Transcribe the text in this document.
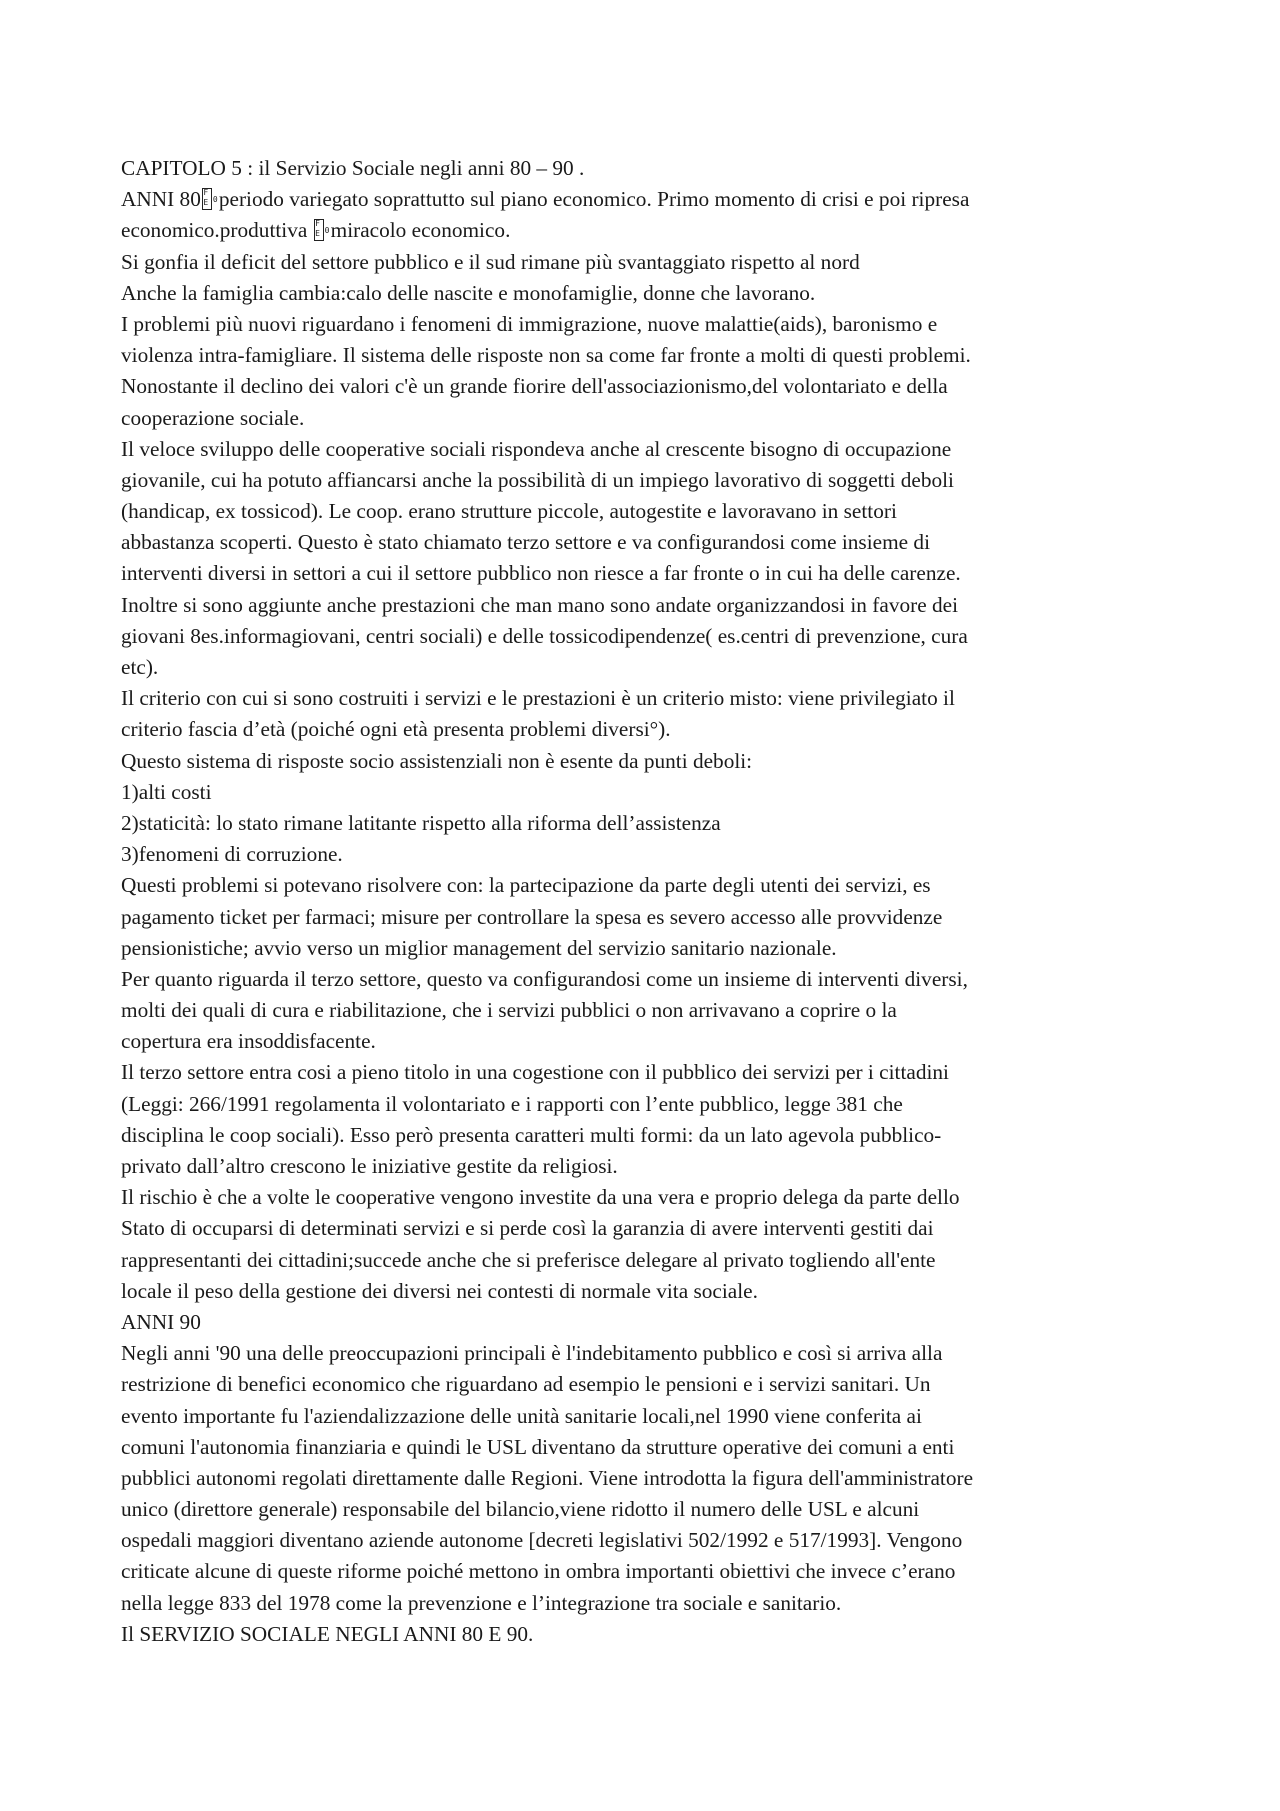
CAPITOLO 5 : il Servizio Sociale negli anni 80 – 90 .
ANNI 80F E 0periodo variegato soprattutto sul piano economico. Primo momento di crisi e poi ripresa
economico.produttiva F E0miracolo economico.
Si gonfia il deficit del settore pubblico e il sud rimane più svantaggiato rispetto al nord
Anche la famiglia cambia:calo delle nascite e monofamiglie, donne che lavorano.
I problemi più nuovi riguardano i fenomeni di immigrazione, nuove malattie(aids), baronismo e
violenza intra-famigliare. Il sistema delle risposte non sa come far fronte a molti di questi problemi.
Nonostante il declino dei valori c'è un grande fiorire dell'associazionismo,del volontariato e della
cooperazione sociale.
Il veloce sviluppo delle cooperative sociali rispondeva anche al crescente bisogno di occupazione
giovanile, cui ha potuto affiancarsi anche la possibilità di un impiego lavorativo di soggetti deboli
(handicap, ex tossicod). Le coop. erano strutture piccole, autogestite e lavoravano in settori
abbastanza scoperti. Questo è stato chiamato terzo settore e va configurandosi come insieme di
interventi diversi in settori a cui il settore pubblico non riesce a far fronte o in cui ha delle carenze.
Inoltre si sono aggiunte anche prestazioni che man mano sono andate organizzandosi in favore dei
giovani 8es.informagiovani, centri sociali) e delle tossicodipendenze( es.centri di prevenzione, cura
etc).
Il criterio con cui si sono costruiti i servizi e le prestazioni è un criterio misto: viene privilegiato il
criterio fascia d’età (poiché ogni età presenta problemi diversi°).
Questo sistema di risposte socio assistenziali non è esente da punti deboli:
1)alti costi
2)staticità: lo stato rimane latitante rispetto alla riforma dell’assistenza
3)fenomeni di corruzione.
Questi problemi si potevano risolvere con: la partecipazione da parte degli utenti dei servizi, es
pagamento ticket per farmaci; misure per controllare la spesa es severo accesso alle provvidenze
pensionistiche; avvio verso un miglior management del servizio sanitario nazionale.
Per quanto riguarda il terzo settore, questo va configurandosi come un insieme di interventi diversi,
molti dei quali di cura e riabilitazione, che i servizi pubblici o non arrivavano a coprire o la
copertura era insoddisfacente.
Il terzo settore entra cosi a pieno titolo in una cogestione con il pubblico dei servizi per i cittadini
(Leggi: 266/1991 regolamenta il volontariato e i rapporti con l’ente pubblico, legge 381 che
disciplina le coop sociali). Esso però presenta caratteri multi formi: da un lato agevola pubblico-
privato dall’altro crescono le iniziative gestite da religiosi.
Il rischio è che a volte le cooperative vengono investite da una vera e proprio delega da parte dello
Stato di occuparsi di determinati servizi e si perde così la garanzia di avere interventi gestiti dai
rappresentanti dei cittadini;succede anche che si preferisce delegare al privato togliendo all'ente
locale il peso della gestione dei diversi nei contesti di normale vita sociale.
ANNI 90
Negli anni '90 una delle preoccupazioni principali è l'indebitamento pubblico e così si arriva alla
restrizione di benefici economico che riguardano ad esempio le pensioni e i servizi sanitari. Un
evento importante fu l'aziendalizzazione delle unità sanitarie locali,nel 1990 viene conferita ai
comuni l'autonomia finanziaria e quindi le USL diventano da strutture operative dei comuni a enti
pubblici autonomi regolati direttamente dalle Regioni. Viene introdotta la figura dell'amministratore
unico (direttore generale) responsabile del bilancio,viene ridotto il numero delle USL e alcuni
ospedali maggiori diventano aziende autonome [decreti legislativi 502/1992 e 517/1993]. Vengono
criticate alcune di queste riforme poiché mettono in ombra importanti obiettivi che invece c’erano
nella legge 833 del 1978 come la prevenzione e l’integrazione tra sociale e sanitario.
Il SERVIZIO SOCIALE NEGLI ANNI 80 E 90.
